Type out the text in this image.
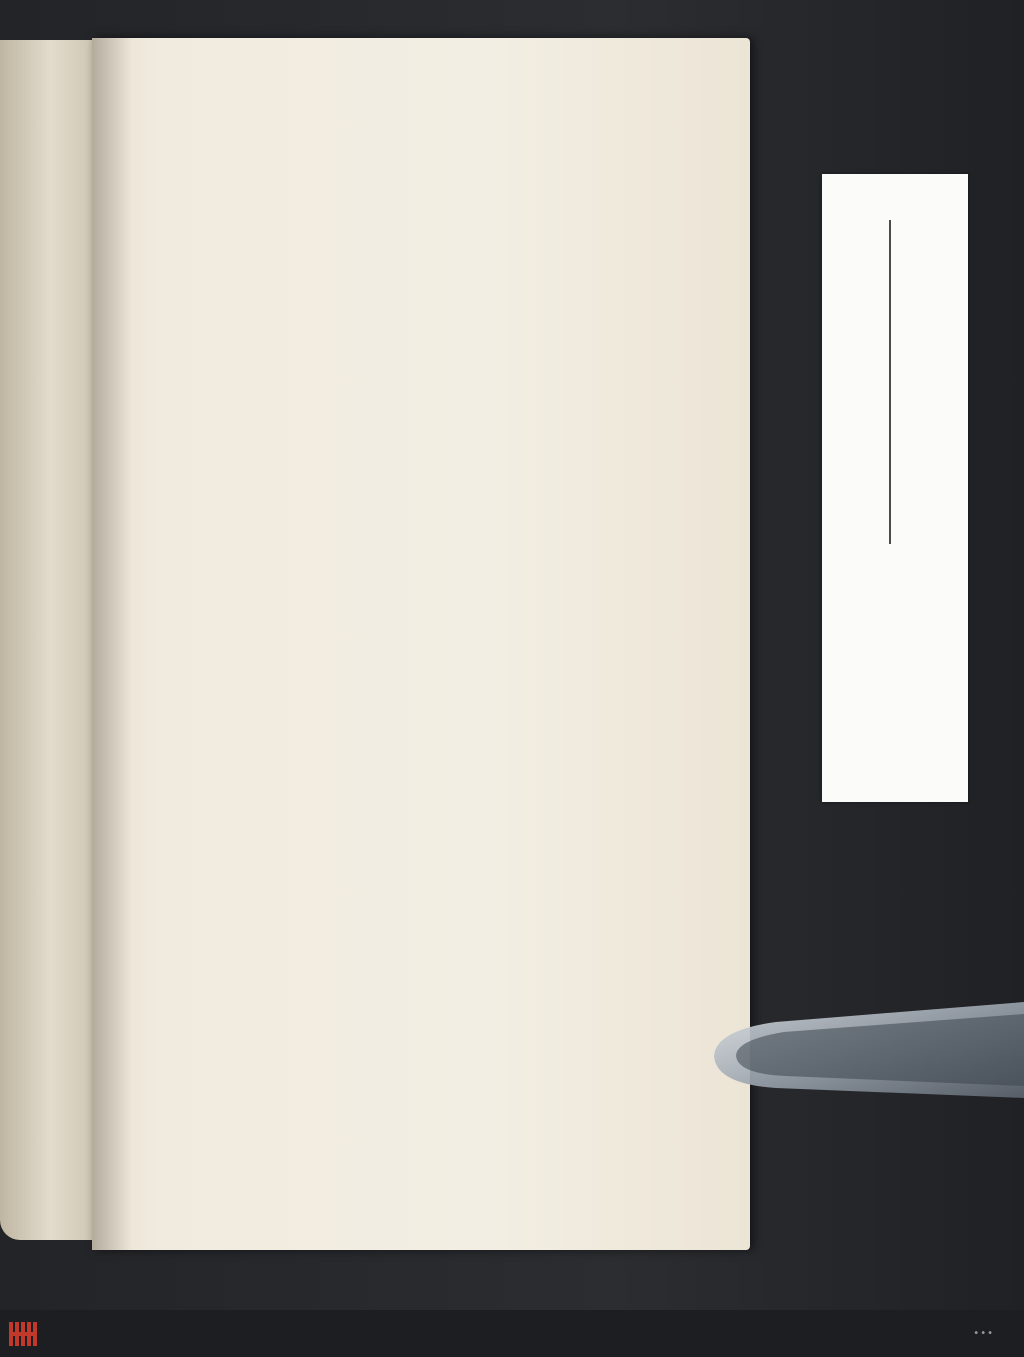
•••
